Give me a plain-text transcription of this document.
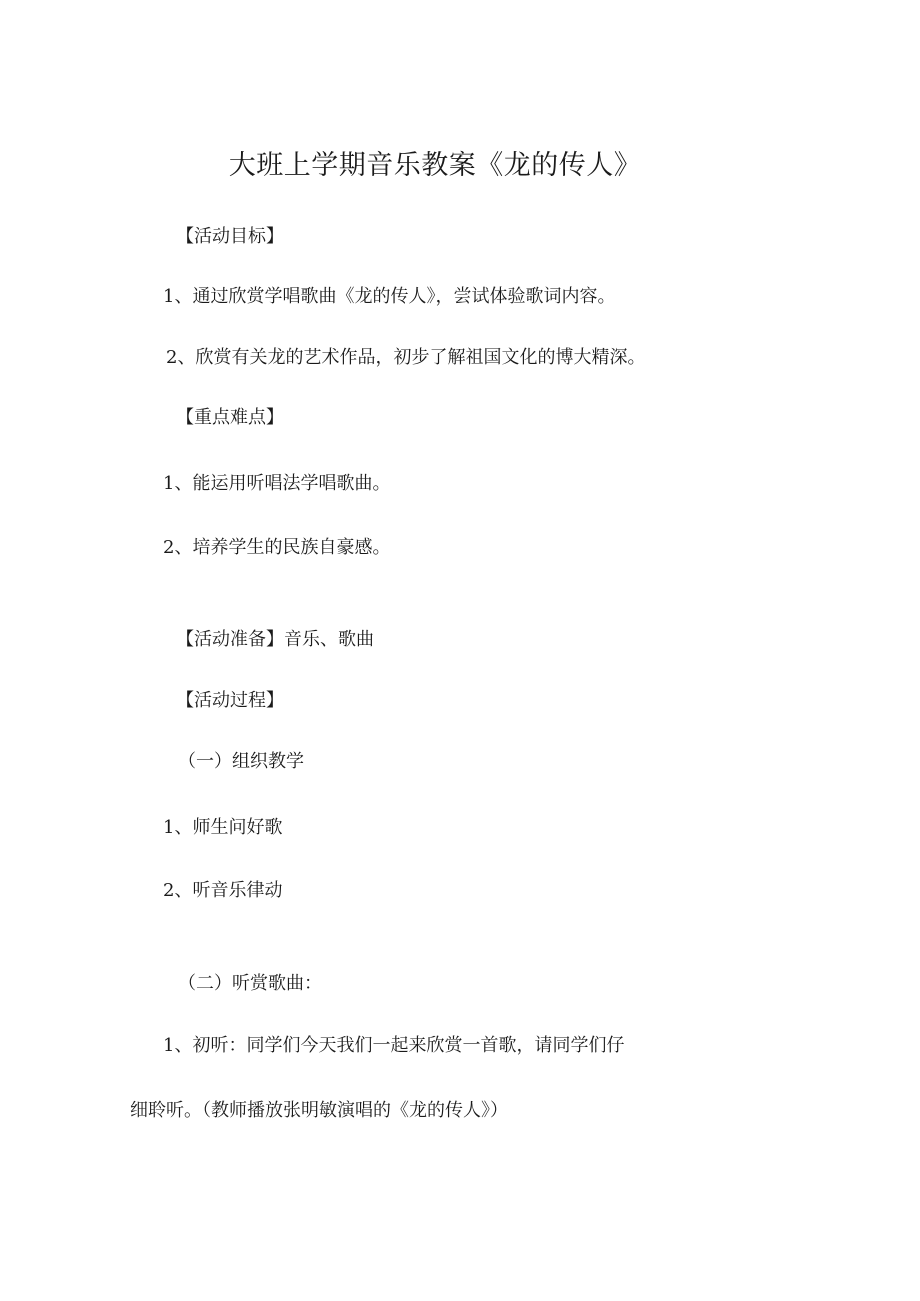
大班上学期音乐教案《龙的传人》
【活动目标】
1、通过欣赏学唱歌曲《龙的传人》，尝试体验歌词内容。
2、欣赏有关龙的艺术作品，初步了解祖国文化的博大精深。
【重点难点】
1、能运用听唱法学唱歌曲。
2、培养学生的民族自豪感。
【活动准备】音乐、歌曲
【活动过程】
（一）组织教学
1、师生问好歌
2、听音乐律动
（二）听赏歌曲：
1、初听：同学们今天我们一起来欣赏一首歌，请同学们仔
细聆听。（教师播放张明敏演唱的《龙的传人》）
